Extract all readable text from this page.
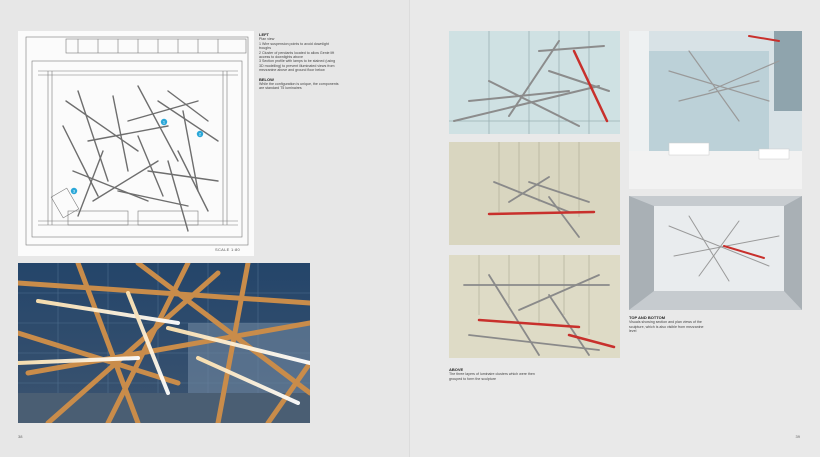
1
2
3
SCALE 1:80
LEFT

Plan view

1 Wire suspension points to avoid downlight troughs
2 Cluster of pendants located to allow Genie lift access to downlights above
3 Section profile with lamps to be stained (using 3D modelling) to prevent illuminated views from mezzanine above and ground floor below
BELOW

While the configuration is unique, the components are standard T5 luminaires

38	39
ABOVE

The three layers of luminaire clusters which were then grouped to form the sculpture

TOP AND BOTTOM

Visuals showing section and plan views of the sculpture, which is also visible from mezzanine level
